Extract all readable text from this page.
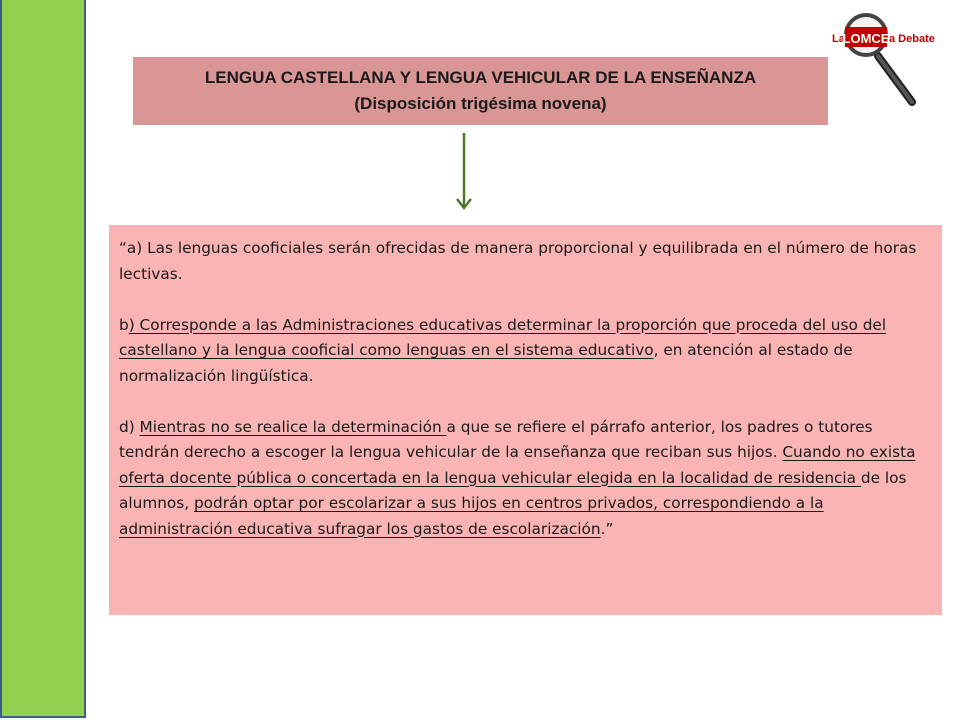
LENGUA CASTELLANA Y LENGUA VEHICULAR DE LA ENSEÑANZA
(Disposición trigésima novena)

“a) Las lenguas cooficiales serán ofrecidas de manera proporcional y equilibrada en el número de horas lectivas.

b) Corresponde a las Administraciones educativas determinar la proporción que proceda del uso del castellano y la lengua cooficial como lenguas en el sistema educativo, en atención al estado de normalización lingüística.

d) Mientras no se realice la determinación a que se refiere el párrafo anterior, los padres o tutores tendrán derecho a escoger la lengua vehicular de la enseñanza que reciban sus hijos. Cuando no exista oferta docente pública o concertada en la lengua vehicular elegida en la localidad de residencia de los alumnos, podrán optar por escolarizar a sus hijos en centros privados, correspondiendo a la administración educativa sufragar los gastos de escolarización.”

La
LOMCE a Debate
